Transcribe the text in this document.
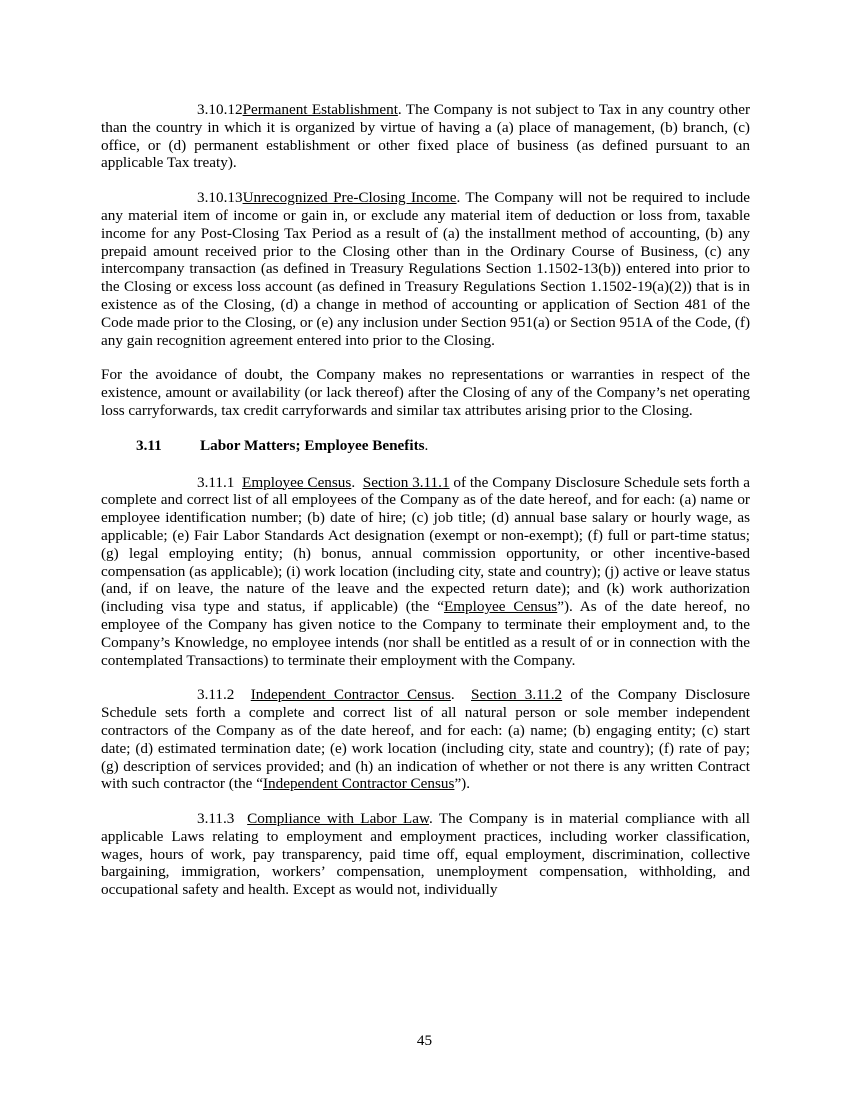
3.10.12Permanent Establishment. The Company is not subject to Tax in any country other than the country in which it is organized by virtue of having a (a) place of management, (b) branch, (c) office, or (d) permanent establishment or other fixed place of business (as defined pursuant to an applicable Tax treaty).

3.10.13Unrecognized Pre-Closing Income. The Company will not be required to include any material item of income or gain in, or exclude any material item of deduction or loss from, taxable income for any Post-Closing Tax Period as a result of (a) the installment method of accounting, (b) any prepaid amount received prior to the Closing other than in the Ordinary Course of Business, (c) any intercompany transaction (as defined in Treasury Regulations Section 1.1502-13(b)) entered into prior to the Closing or excess loss account (as defined in Treasury Regulations Section 1.1502-19(a)(2)) that is in existence as of the Closing, (d) a change in method of accounting or application of Section 481 of the Code made prior to the Closing, or (e) any inclusion under Section 951(a) or Section 951A of the Code, (f) any gain recognition agreement entered into prior to the Closing.

For the avoidance of doubt, the Company makes no representations or warranties in respect of the existence, amount or availability (or lack thereof) after the Closing of any of the Company’s net operating loss carryforwards, tax credit carryforwards and similar tax attributes arising prior to the Closing.

3.11	Labor Matters; Employee Benefits.

3.11.1  Employee Census.  Section 3.11.1 of the Company Disclosure Schedule sets forth a complete and correct list of all employees of the Company as of the date hereof, and for each: (a) name or employee identification number; (b) date of hire; (c) job title; (d) annual base salary or hourly wage, as applicable; (e) Fair Labor Standards Act designation (exempt or non-exempt); (f) full or part-time status; (g) legal employing entity; (h) bonus, annual commission opportunity, or other incentive-based compensation (as applicable); (i) work location (including city, state and country); (j) active or leave status (and, if on leave, the nature of the leave and the expected return date); and (k) work authorization (including visa type and status, if applicable) (the “Employee Census”). As of the date hereof, no employee of the Company has given notice to the Company to terminate their employment and, to the Company’s Knowledge, no employee intends (nor shall be entitled as a result of or in connection with the contemplated Transactions) to terminate their employment with the Company.

3.11.2  Independent Contractor Census.  Section 3.11.2 of the Company Disclosure Schedule sets forth a complete and correct list of all natural person or sole member independent contractors of the Company as of the date hereof, and for each: (a) name; (b) engaging entity; (c) start date; (d) estimated termination date; (e) work location (including city, state and country); (f) rate of pay; (g) description of services provided; and (h) an indication of whether or not there is any written Contract with such contractor (the “Independent Contractor Census”).

3.11.3  Compliance with Labor Law. The Company is in material compliance with all applicable Laws relating to employment and employment practices, including worker classification, wages, hours of work, pay transparency, paid time off, equal employment, discrimination, collective bargaining, immigration, workers’ compensation, unemployment compensation, withholding, and occupational safety and health. Except as would not, individually

45
